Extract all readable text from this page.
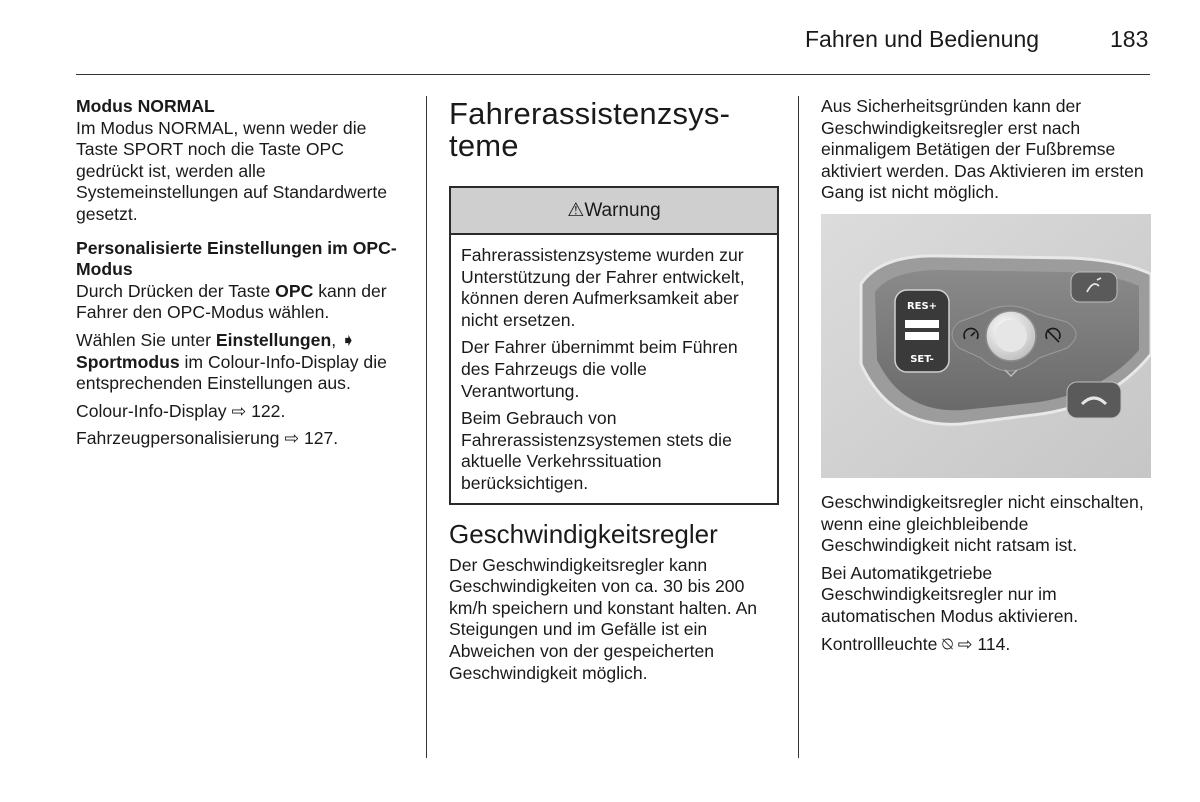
Fahren und Bedienung	183
Modus NORMAL

Im Modus NORMAL, wenn weder die Taste SPORT noch die Taste OPC gedrückt ist, werden alle Systemeinstellungen auf Standardwerte gesetzt.

Personalisierte Einstellungen im OPC-Modus

Durch Drücken der Taste OPC kann der Fahrer den OPC-Modus wählen.

Wählen Sie unter Einstellungen, ➧ Sportmodus im Colour-Info-Display die entsprechenden Einstellungen aus.

Colour-Info-Display ⇨ 122.

Fahrzeugpersonalisierung ⇨ 127.

Fahrerassistenzsys-
teme
⚠Warnung

Fahrerassistenzsysteme wurden zur Unterstützung der Fahrer entwickelt, können deren Aufmerksamkeit aber nicht ersetzen.

Der Fahrer übernimmt beim Führen des Fahrzeugs die volle Verantwortung.

Beim Gebrauch von Fahrerassistenzsystemen stets die aktuelle Verkehrssituation berücksichtigen.

Geschwindigkeitsregler

Der Geschwindigkeitsregler kann Geschwindigkeiten von ca. 30 bis 200 km/h speichern und konstant halten. An Steigungen und im Gefälle ist ein Abweichen von der gespeicherten Geschwindigkeit möglich.

Aus Sicherheitsgründen kann der Geschwindigkeitsregler erst nach einmaligem Betätigen der Fußbremse aktiviert werden. Das Aktivieren im ersten Gang ist nicht möglich.

RES+
SET-

Geschwindigkeitsregler nicht einschalten, wenn eine gleichbleibende Geschwindigkeit nicht ratsam ist.

Bei Automatikgetriebe Geschwindigkeitsregler nur im automatischen Modus aktivieren.

Kontrollleuchte ⍉ ⇨ 114.
